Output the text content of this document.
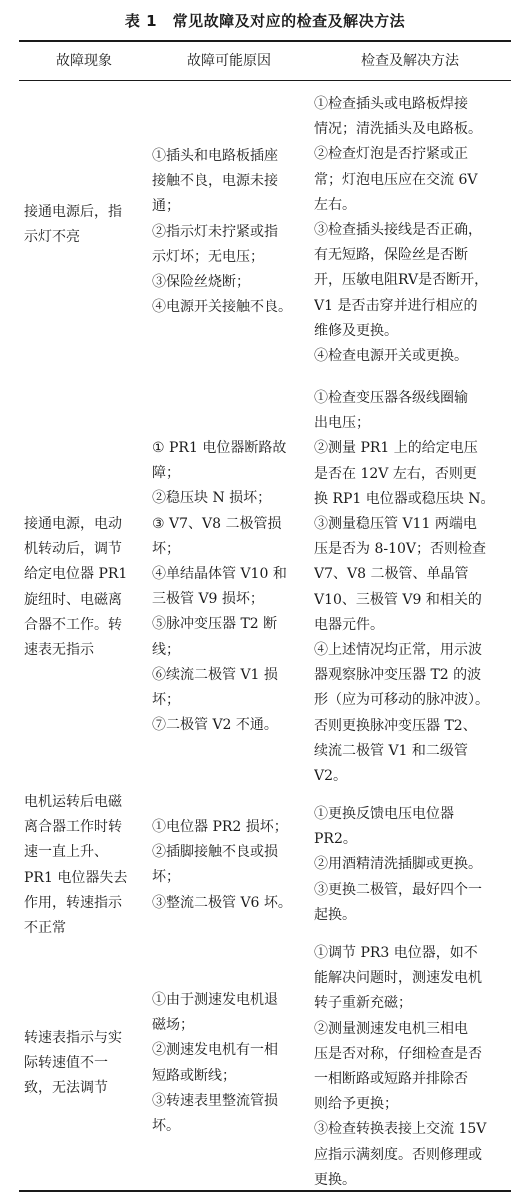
表 1　常见故障及对应的检查及解决方法
故障现象	故障可能原因	检查及解决方法
接通电源后，指
示灯不亮
①插头和电路板插座
接触不良，电源未接
通；
②指示灯未拧紧或指
示灯坏；无电压；
③保险丝烧断；
④电源开关接触不良。
①检查插头或电路板焊接
情况；清洗插头及电路板。
②检查灯泡是否拧紧或正
常；灯泡电压应在交流 6V
左右。
③检查插头接线是否正确，
有无短路，保险丝是否断
开，压敏电阻RV是否断开，
V1 是否击穿并进行相应的
维修及更换。
④检查电源开关或更换。
接通电源，电动
机转动后，调节
给定电位器 PR1
旋纽时、电磁离
合器不工作。转
速表无指示
① PR1 电位器断路故
障；
②稳压块 N 损坏；
③ V7、V8 二极管损
坏；
④单结晶体管 V10 和
三极管 V9 损坏；
⑤脉冲变压器 T2 断
线；
⑥续流二极管 V1 损
坏；
⑦二极管 V2 不通。
①检查变压器各级线圈输
出电压；
②测量 PR1 上的给定电压
是否在 12V 左右，否则更
换 RP1 电位器或稳压块 N。
③测量稳压管 V11 两端电
压是否为 8-10V；否则检查
V7、V8 二极管、单晶管
V10、三极管 V9 和相关的
电器元件。
④上述情况均正常，用示波
器观察脉冲变压器 T2 的波
形（应为可移动的脉冲波）。
否则更换脉冲变压器 T2、
续流二极管 V1 和二级管
V2。
电机运转后电磁
离合器工作时转
速一直上升、
PR1 电位器失去
作用，转速指示
不正常
①电位器 PR2 损坏；
②插脚接触不良或损
坏；
③整流二极管 V6 坏。
①更换反馈电压电位器
PR2。
②用酒精清洗插脚或更换。
③更换二极管，最好四个一
起换。
转速表指示与实
际转速值不一
致，无法调节
①由于测速发电机退
磁场；
②测速发电机有一相
短路或断线；
③转速表里整流管损
坏。
①调节 PR3 电位器，如不
能解决问题时，测速发电机
转子重新充磁；
②测量测速发电机三相电
压是否对称，仔细检查是否
一相断路或短路并排除否
则给予更换；
③检查转换表接上交流 15V
应指示满刻度。否则修理或
更换。
